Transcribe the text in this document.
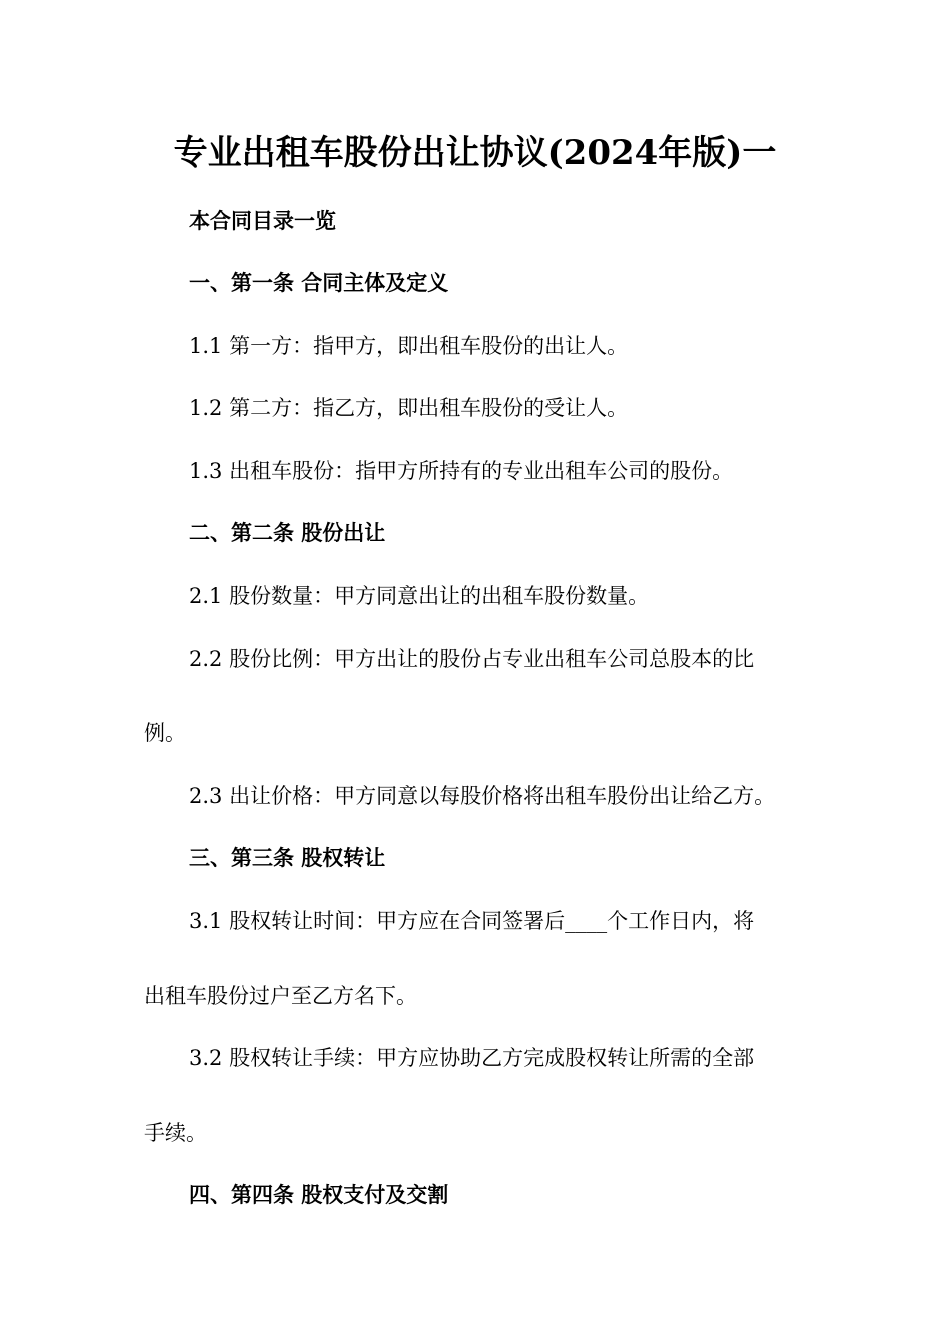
专业出租车股份出让协议(2024年版)一

本合同目录一览

一、第一条 合同主体及定义

1.1 第一方：指甲方，即出租车股份的出让人。

1.2 第二方：指乙方，即出租车股份的受让人。

1.3 出租车股份：指甲方所持有的专业出租车公司的股份。

二、第二条 股份出让

2.1 股份数量：甲方同意出让的出租车股份数量。

2.2 股份比例：甲方出让的股份占专业出租车公司总股本的比

例。

2.3 出让价格：甲方同意以每股价格将出租车股份出让给乙方。

三、第三条 股权转让

3.1 股权转让时间：甲方应在合同签署后____个工作日内，将

出租车股份过户至乙方名下。

3.2 股权转让手续：甲方应协助乙方完成股权转让所需的全部

手续。

四、第四条 股权支付及交割
